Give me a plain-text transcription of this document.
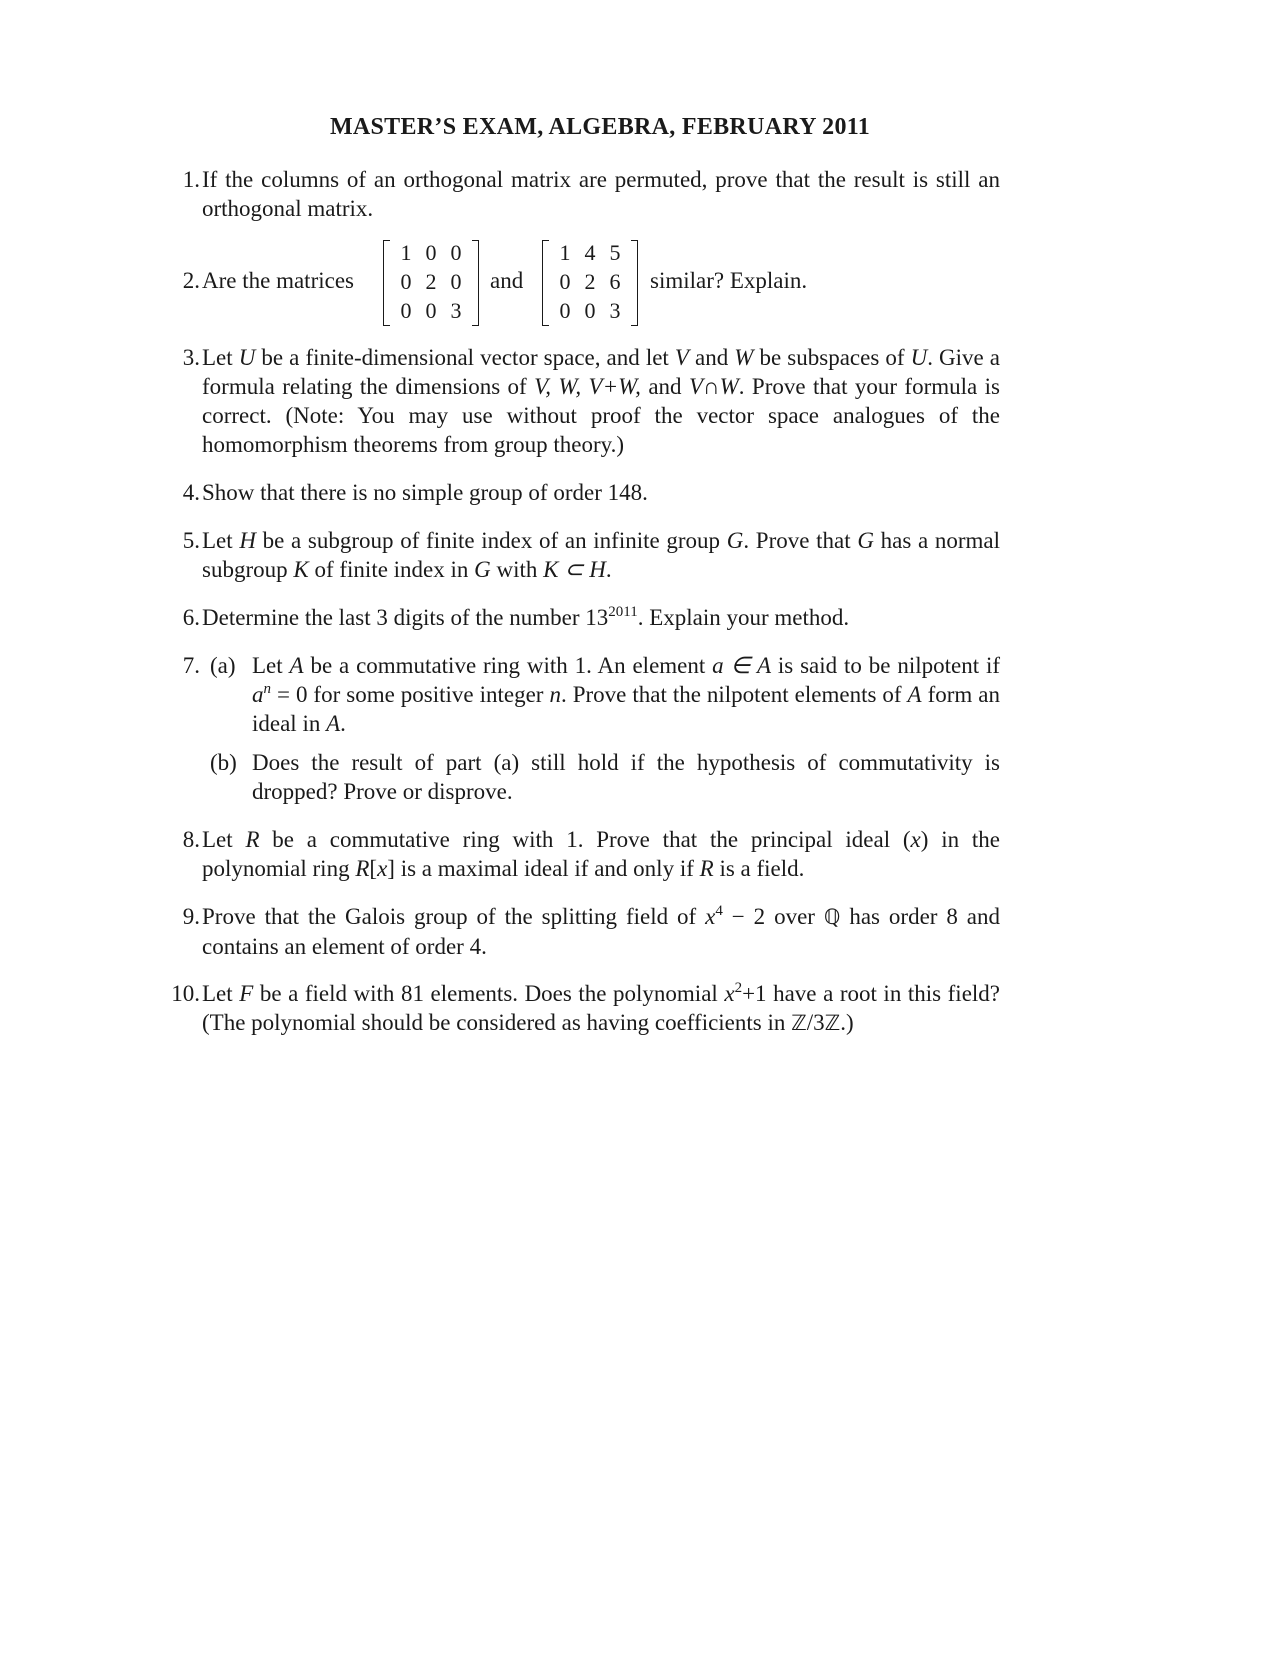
MASTER’S EXAM, ALGEBRA, FEBRUARY 2011
1. If the columns of an orthogonal matrix are permuted, prove that the result is still an orthogonal matrix.
2. Are the matrices
1 0 0
0 2 0
0 0 3
and
1 4 5
0 2 6
0 0 3
similar? Explain.
3. Let U be a finite-dimensional vector space, and let V and W be subspaces of U. Give a formula relating the dimensions of V, W, V+W, and V∩W. Prove that your formula is correct. (Note: You may use without proof the vector space analogues of the homomorphism theorems from group theory.)
4. Show that there is no simple group of order 148.
5. Let H be a subgroup of finite index of an infinite group G. Prove that G has a normal subgroup K of finite index in G with K ⊂ H.
6. Determine the last 3 digits of the number $13^{2011}$. Explain your method.
7. (a) Let A be a commutative ring with 1. An element a ∈ A is said to be nilpotent if $a^n = 0$ for some positive integer n. Prove that the nilpotent elements of A form an ideal in A.
(b) Does the result of part (a) still hold if the hypothesis of commutativity is dropped? Prove or disprove.
8. Let R be a commutative ring with 1. Prove that the principal ideal (x) in the polynomial ring R[x] is a maximal ideal if and only if R is a field.
9. Prove that the Galois group of the splitting field of $x^4 - 2$ over ℚ has order 8 and contains an element of order 4.
10. Let F be a field with 81 elements. Does the polynomial $x^2+1$ have a root in this field? (The polynomial should be considered as having coefficients in ℤ/3ℤ.)
